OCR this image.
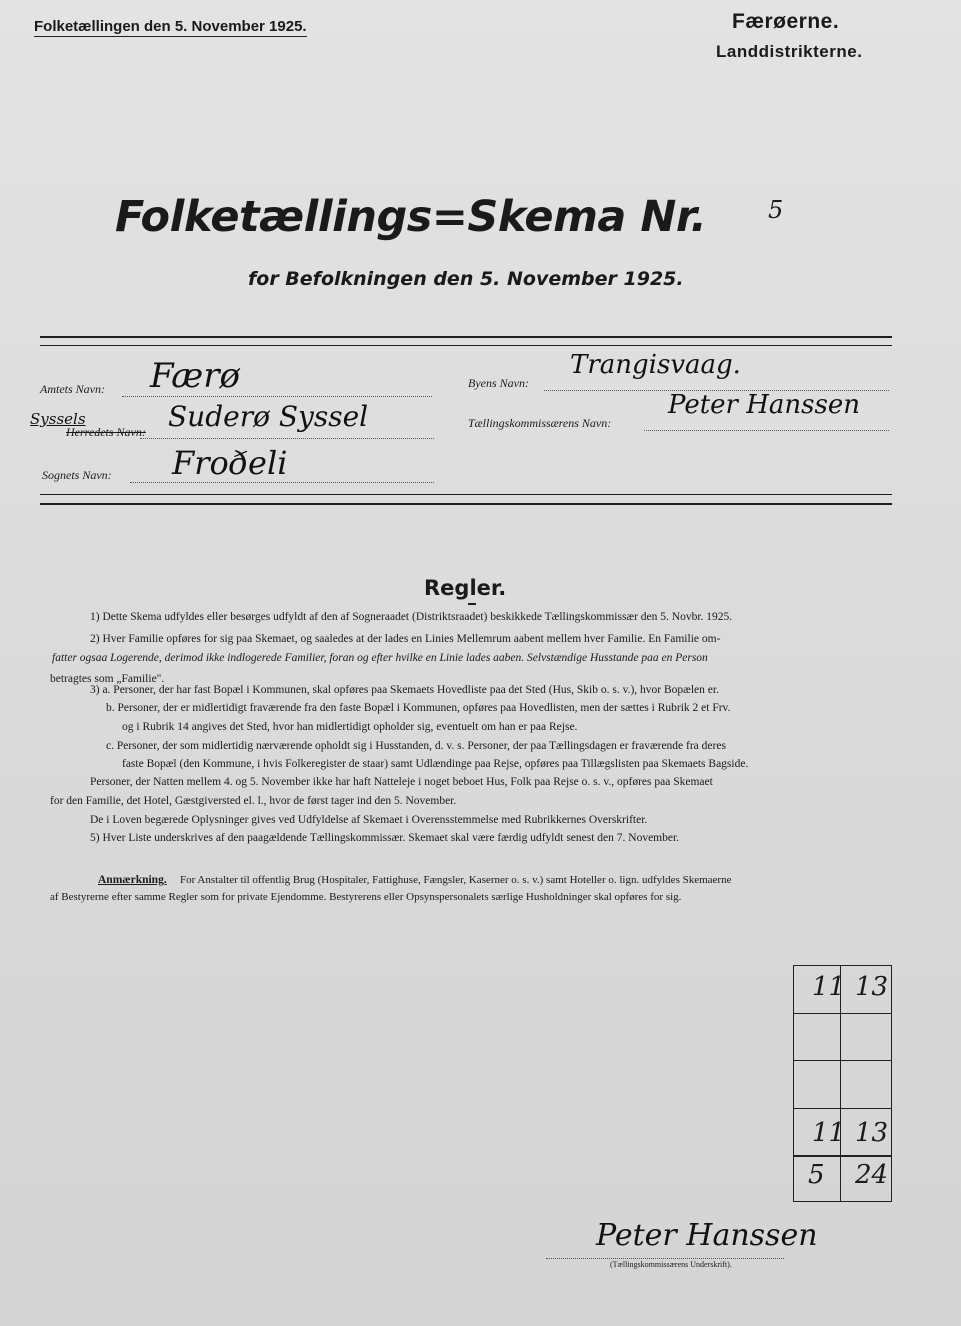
Folketællingen den 5. November 1925.	Færøerne.
Landdistrikterne.
Folketællings=Skema Nr.	5
for Befolkningen den 5. November 1925.
Amtets Navn: Færø	Byens Navn:
Trangisvaag.
Herredets Navn:
Syssels	Suderø Syssel	Tællingskommissærens Navn:
Peter Hanssen
Sognets Navn: Froðeli
Regler.
1) Dette Skema udfyldes eller besørges udfyldt af den af Sogneraadet (Distriktsraadet) beskikkede Tællingskommissær den 5. Novbr. 1925.
2) Hver Familie opføres for sig paa Skemaet, og saaledes at der lades en Linies Mellemrum aabent mellem hver Familie. En Familie om-
fatter ogsaa Logerende, derimod ikke indlogerede Familier, foran og efter hvilke en Linie lades aaben. Selvstændige Husstande paa en Person
betragtes som „Familie".
3) a. Personer, der har fast Bopæl i Kommunen, skal opføres paa Skemaets Hovedliste paa det Sted (Hus, Skib o. s. v.), hvor Bopælen er.
b. Personer, der er midlertidigt fraværende fra den faste Bopæl i Kommunen, opføres paa Hovedlisten, men der sættes i Rubrik 2 et Frv.
og i Rubrik 14 angives det Sted, hvor han midlertidigt opholder sig, eventuelt om han er paa Rejse.
c. Personer, der som midlertidig nærværende opholdt sig i Husstanden, d. v. s. Personer, der paa Tællingsdagen er fraværende fra deres
faste Bopæl (den Kommune, i hvis Folkeregister de staar) samt Udlændinge paa Rejse, opføres paa Tillægslisten paa Skemaets Bagside.
Personer, der Natten mellem 4. og 5. November ikke har haft Natteleje i noget beboet Hus, Folk paa Rejse o. s. v., opføres paa Skemaet
for den Familie, det Hotel, Gæstgiversted el. l., hvor de først tager ind den 5. November.
De i Loven begærede Oplysninger gives ved Udfyldelse af Skemaet i Overensstemmelse med Rubrikkernes Overskrifter.
5) Hver Liste underskrives af den paagældende Tællingskommissær. Skemaet skal være færdig udfyldt senest den 7. November.
Anmærkning. For Anstalter til offentlig Brug (Hospitaler, Fattighuse, Fængsler, Kaserner o. s. v.) samt Hoteller o. lign. udfyldes Skemaerne
af Bestyrerne efter samme Regler som for private Ejendomme. Bestyrerens eller Opsynspersonalets særlige Husholdninger skal opføres for sig.
11 13
11 13
5 24
Peter Hanssen
(Tællingskommissærens Underskrift).
